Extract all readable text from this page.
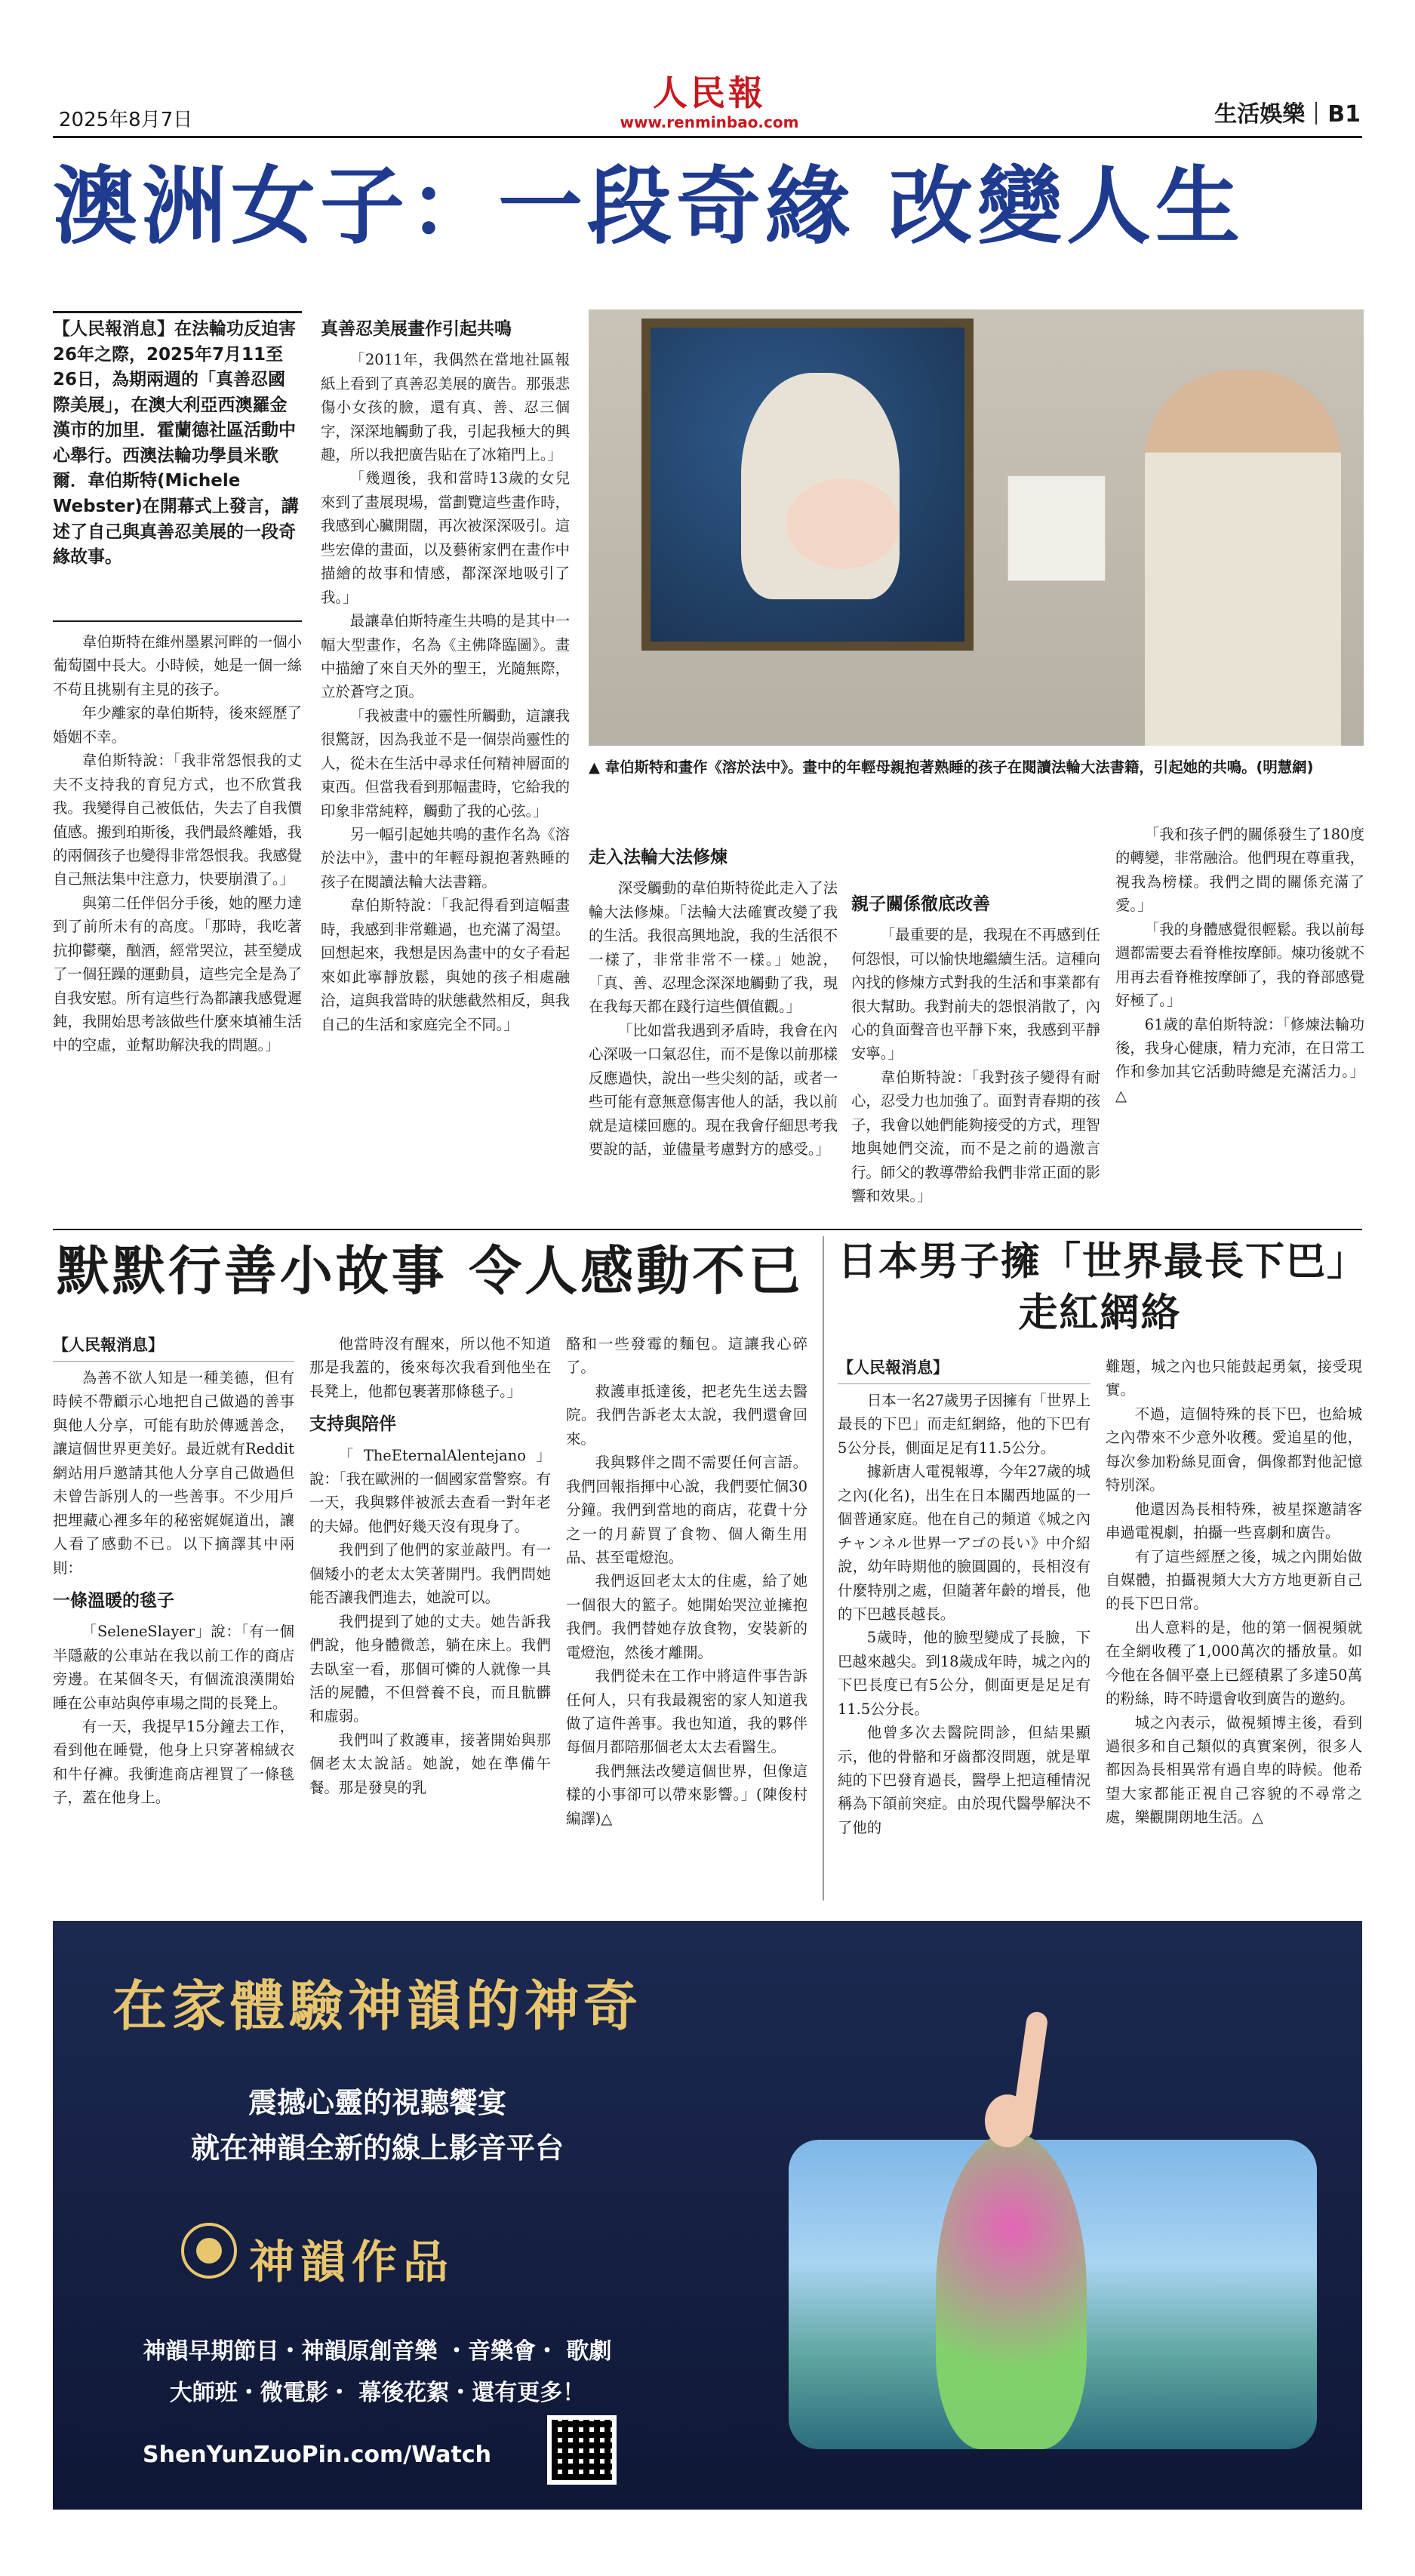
2025年8月7日
人民報
www.renminbao.com	生活娛樂 B1
澳洲女子：一段奇緣 改變人生
【人民報消息】在法輪功反迫害26年之際，2025年7月11至26日，為期兩週的「真善忍國際美展」，在澳大利亞西澳羅金漢市的加里．霍蘭德社區活動中心舉行。西澳法輪功學員米歌爾．韋伯斯特(Michele Webster)在開幕式上發言，講述了自己與真善忍美展的一段奇緣故事。

韋伯斯特在維州墨累河畔的一個小葡萄園中長大。小時候，她是一個一絲不苟且挑剔有主見的孩子。

年少離家的韋伯斯特，後來經歷了婚姻不幸。

韋伯斯特說：「我非常怨恨我的丈夫不支持我的育兒方式，也不欣賞我我。我變得自己被低估，失去了自我價值感。搬到珀斯後，我們最終離婚，我的兩個孩子也變得非常怨恨我。我感覺自己無法集中注意力，快要崩潰了。」

與第二任伴侶分手後，她的壓力達到了前所未有的高度。「那時，我吃著抗抑鬱藥，酗酒，經常哭泣，甚至變成了一個狂躁的運動員，這些完全是為了自我安慰。所有這些行為都讓我感覺遲鈍，我開始思考該做些什麼來填補生活中的空虛，並幫助解決我的問題。」

真善忍美展畫作引起共鳴

「2011年，我偶然在當地社區報紙上看到了真善忍美展的廣告。那張悲傷小女孩的臉，還有真、善、忍三個字，深深地觸動了我，引起我極大的興趣，所以我把廣告貼在了冰箱門上。」

「幾週後，我和當時13歲的女兒來到了畫展現場，當劃覽這些畫作時，我感到心臟開闊，再次被深深吸引。這些宏偉的畫面，以及藝術家們在畫作中描繪的故事和情感，都深深地吸引了我。」

最讓韋伯斯特產生共鳴的是其中一幅大型畫作，名為《主佛降臨圖》。畫中描繪了來自天外的聖王，光隨無際，立於蒼穹之頂。

「我被畫中的靈性所觸動，這讓我很驚訝，因為我並不是一個崇尚靈性的人，從未在生活中尋求任何精神層面的東西。但當我看到那幅畫時，它給我的印象非常純粹，觸動了我的心弦。」

另一幅引起她共鳴的畫作名為《溶於法中》，畫中的年輕母親抱著熟睡的孩子在閱讀法輪大法書籍。

韋伯斯特說：「我記得看到這幅畫時，我感到非常難過，也充滿了渴望。回想起來，我想是因為畫中的女子看起來如此寧靜放鬆，與她的孩子相處融洽，這與我當時的狀態截然相反，與我自己的生活和家庭完全不同。」

▲ 韋伯斯特和畫作《溶於法中》。畫中的年輕母親抱著熟睡的孩子在閱讀法輪大法書籍，引起她的共鳴。(明慧網)

走入法輪大法修煉

深受觸動的韋伯斯特從此走入了法輪大法修煉。「法輪大法確實改變了我的生活。我很高興地說，我的生活很不一樣了，非常非常不一樣。」她說，「真、善、忍理念深深地觸動了我，現在我每天都在踐行這些價值觀。」

「比如當我遇到矛盾時，我會在內心深吸一口氣忍住，而不是像以前那樣反應過快，說出一些尖刻的話，或者一些可能有意無意傷害他人的話，我以前就是這樣回應的。現在我會仔細思考我要說的話，並儘量考慮對方的感受。」

親子關係徹底改善

「最重要的是，我現在不再感到任何怨恨，可以愉快地繼續生活。這種向內找的修煉方式對我的生活和事業都有很大幫助。我對前夫的怨恨消散了，內心的負面聲音也平靜下來，我感到平靜安寧。」

韋伯斯特說：「我對孩子變得有耐心，忍受力也加強了。面對青春期的孩子，我會以她們能夠接受的方式，理智地與她們交流，而不是之前的過激言行。師父的教導帶給我們非常正面的影響和效果。」

「我和孩子們的關係發生了180度的轉變，非常融洽。他們現在尊重我，視我為榜樣。我們之間的關係充滿了愛。」

「我的身體感覺很輕鬆。我以前每週都需要去看脊椎按摩師。煉功後就不用再去看脊椎按摩師了，我的脊部感覺好極了。」

61歲的韋伯斯特說：「修煉法輪功後，我身心健康，精力充沛，在日常工作和參加其它活動時總是充滿活力。」△

默默行善小故事 令人感動不已

【人民報消息】

為善不欲人知是一種美德，但有時候不帶顧示心地把自己做過的善事與他人分享，可能有助於傳遞善念，讓這個世界更美好。最近就有Reddit網站用戶邀請其他人分享自己做過但未曾告訴別人的一些善事。不少用戶把埋藏心裡多年的秘密娓娓道出，讓人看了感動不已。以下摘譯其中兩則：

一條溫暖的毯子

「SeleneSlayer」說：「有一個半隱蔽的公車站在我以前工作的商店旁邊。在某個冬天，有個流浪漢開始睡在公車站與停車場之間的長凳上。

有一天，我提早15分鐘去工作，看到他在睡覺，他身上只穿著棉絨衣和牛仔褲。我衝進商店裡買了一條毯子，蓋在他身上。

他當時沒有醒來，所以他不知道那是我蓋的，後來每次我看到他坐在長凳上，他都包裹著那條毯子。」

支持與陪伴

「TheEternalAlentejano」說：「我在歐洲的一個國家當警察。有一天，我與夥伴被派去查看一對年老的夫婦。他們好幾天沒有現身了。

我們到了他們的家並敲門。有一個矮小的老太太笑著開門。我們問她能否讓我們進去，她說可以。

我們提到了她的丈夫。她告訴我們說，他身體微恙，躺在床上。我們去臥室一看，那個可憐的人就像一具活的屍體，不但營養不良，而且骯髒和虛弱。

我們叫了救護車，接著開始與那個老太太說話。她說，她在準備午餐。那是發臭的乳

酪和一些發霉的麵包。這讓我心碎了。

救護車抵達後，把老先生送去醫院。我們告訴老太太說，我們還會回來。

我與夥伴之間不需要任何言語。我們回報指揮中心說，我們要忙個30分鐘。我們到當地的商店，花費十分之一的月薪買了食物、個人衛生用品、甚至電燈泡。

我們返回老太太的住處，給了她一個很大的籃子。她開始哭泣並擁抱我們。我們替她存放食物，安裝新的電燈泡，然後才離開。

我們從未在工作中將這件事告訴任何人，只有我最親密的家人知道我做了這件善事。我也知道，我的夥伴每個月都陪那個老太太去看醫生。

我們無法改變這個世界，但像這樣的小事卻可以帶來影響。」(陳俊村編譯)△

日本男子擁「世界最長下巴」
走紅網絡

【人民報消息】

日本一名27歲男子因擁有「世界上最長的下巴」而走紅網絡，他的下巴有5公分長，側面足足有11.5公分。

據新唐人電視報導，今年27歲的城之內(化名)，出生在日本關西地區的一個普通家庭。他在自己的頻道《城之內チャンネル世界一アゴの長い》中介紹說，幼年時期他的臉圓圓的，長相沒有什麼特別之處，但隨著年齡的增長，他的下巴越長越長。

5歲時，他的臉型變成了長臉，下巴越來越尖。到18歲成年時，城之內的下巴長度已有5公分，側面更是足足有11.5公分長。

他曾多次去醫院問診，但結果顯示，他的骨骼和牙齒都沒問題，就是單純的下巴發育過長，醫學上把這種情況稱為下頜前突症。由於現代醫學解決不了他的

難題，城之內也只能鼓起勇氣，接受現實。

不過，這個特殊的長下巴，也給城之內帶來不少意外收穫。愛追星的他，每次參加粉絲見面會，偶像都對他記憶特別深。

他還因為長相特殊，被星探邀請客串過電視劇，拍攝一些喜劇和廣告。

有了這些經歷之後，城之內開始做自媒體，拍攝視頻大大方方地更新自己的長下巴日常。

出人意料的是，他的第一個視頻就在全網收穫了1,000萬次的播放量。如今他在各個平臺上已經積累了多達50萬的粉絲，時不時還會收到廣告的邀約。

城之內表示，做視頻博主後，看到過很多和自己類似的真實案例，很多人都因為長相異常有過自卑的時候。他希望大家都能正視自己容貌的不尋常之處，樂觀開朗地生活。△

在家體驗神韻的神奇
震撼心靈的視聽饗宴
就在神韻全新的線上影音平台
神韻作品
神韻早期節目・神韻原創音樂 ・音樂會・ 歌劇
大師班・微電影・ 幕後花絮・還有更多！
ShenYunZuoPin.com/Watch
